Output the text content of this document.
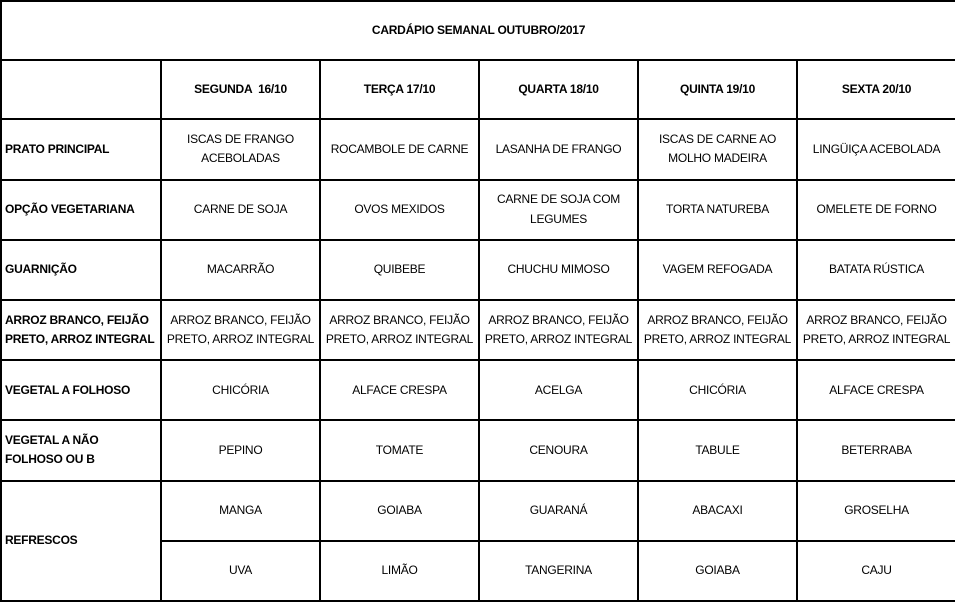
CARDÁPIO SEMANAL OUTUBRO/2017					
	SEGUNDA  16/10	TERÇA 17/10	QUARTA 18/10	QUINTA 19/10	SEXTA 20/10
PRATO PRINCIPAL	ISCAS DE FRANGO ACEBOLADAS	ROCAMBOLE DE CARNE	LASANHA DE FRANGO	ISCAS DE CARNE AO MOLHO MADEIRA	LINGÜIÇA ACEBOLADA
OPÇÃO VEGETARIANA	CARNE DE SOJA	OVOS MEXIDOS	CARNE DE SOJA COM LEGUMES	TORTA NATUREBA	OMELETE DE FORNO
GUARNIÇÃO	MACARRÃO	QUIBEBE	CHUCHU MIMOSO	VAGEM REFOGADA	BATATA RÚSTICA
ARROZ BRANCO, FEIJÃO PRETO, ARROZ INTEGRAL	ARROZ BRANCO, FEIJÃO PRETO, ARROZ INTEGRAL	ARROZ BRANCO, FEIJÃO PRETO, ARROZ INTEGRAL	ARROZ BRANCO, FEIJÃO PRETO, ARROZ INTEGRAL	ARROZ BRANCO, FEIJÃO PRETO, ARROZ INTEGRAL	ARROZ BRANCO, FEIJÃO PRETO, ARROZ INTEGRAL
VEGETAL A FOLHOSO	CHICÓRIA	ALFACE CRESPA	ACELGA	CHICÓRIA	ALFACE CRESPA
VEGETAL A NÃO FOLHOSO OU B	PEPINO	TOMATE	CENOURA	TABULE	BETERRABA
REFRESCOS	MANGA	GOIABA	GUARANÁ	ABACAXI	GROSELHA
	UVA	LIMÃO	TANGERINA	GOIABA	CAJU
